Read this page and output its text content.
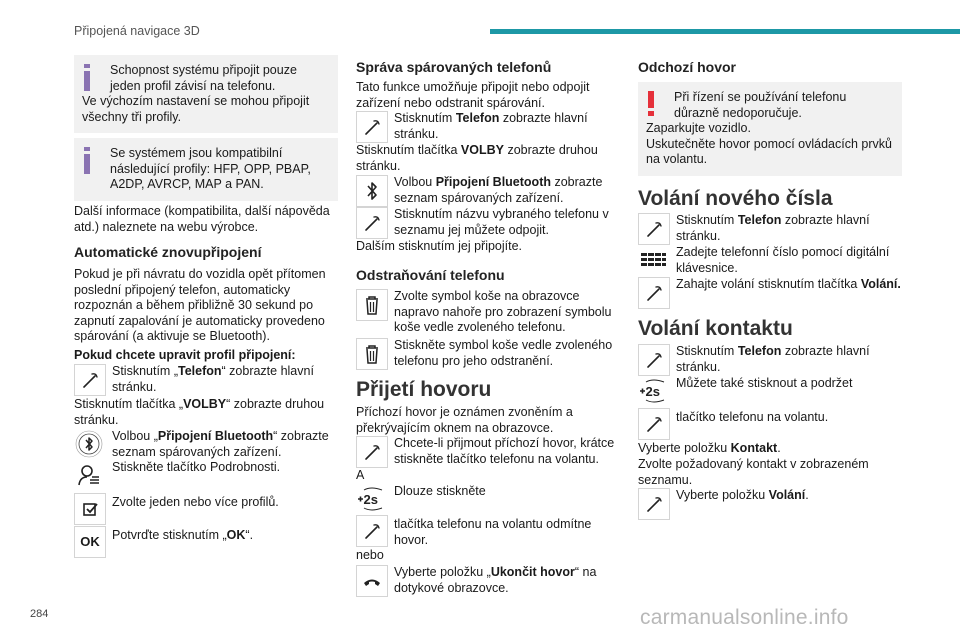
Připojená navigace 3D
284	carmanualsonline.info
Schopnost systému připojit pouze jeden profil závisí na telefonu.
Ve výchozím nastavení se mohou připojit všechny tři profily.
Se systémem jsou kompatibilní následující profily: HFP, OPP, PBAP, A2DP, AVRCP, MAP a PAN.
Další informace (kompatibilita, další nápověda atd.) naleznete na webu výrobce.
Automatické znovupřipojení
Pokud je při návratu do vozidla opět přítomen poslední připojený telefon, automaticky rozpoznán a během přibližně 30 sekund po zapnutí zapalování je automaticky provedeno spárování (a aktivuje se Bluetooth).
Pokud chcete upravit profil připojení:
Stisknutím „Telefon“ zobrazte hlavní stránku.
Stisknutím tlačítka „VOLBY“ zobrazte druhou stránku.
Volbou „Připojení Bluetooth“ zobrazte seznam spárovaných zařízení.
Stiskněte tlačítko Podrobnosti.
Zvolte jeden nebo více profilů.
OK Potvrďte stisknutím „OK“.
Správa spárovaných telefonů
Tato funkce umožňuje připojit nebo odpojit zařízení nebo odstranit spárování.
Stisknutím Telefon zobrazte hlavní stránku.
Stisknutím tlačítka VOLBY zobrazte druhou stránku.
Volbou Připojení Bluetooth zobrazte seznam spárovaných zařízení.
Stisknutím názvu vybraného telefonu v seznamu jej můžete odpojit.
Dalším stisknutím jej připojíte.
Odstraňování telefonu
Zvolte symbol koše na obrazovce napravo nahoře pro zobrazení symbolu koše vedle zvoleného telefonu.
Stiskněte symbol koše vedle zvoleného telefonu pro jeho odstranění.
Přijetí hovoru
Příchozí hovor je oznámen zvoněním a překrývajícím oknem na obrazovce.
Chcete-li přijmout příchozí hovor, krátce stiskněte tlačítko telefonu na volantu.
A
2s
Dlouze stiskněte
tlačítka telefonu na volantu odmítne hovor.
nebo
Vyberte položku „Ukončit hovor“ na dotykové obrazovce.
Odchozí hovor
Při řízení se používání telefonu důrazně nedoporučuje.
Zaparkujte vozidlo.
Uskutečněte hovor pomocí ovládacích prvků na volantu.
Volání nového čísla
Stisknutím Telefon zobrazte hlavní stránku.
Zadejte telefonní číslo pomocí digitální klávesnice.
Zahajte volání stisknutím tlačítka Volání.
Volání kontaktu
Stisknutím Telefon zobrazte hlavní stránku.
2s
Můžete také stisknout a podržet
tlačítko telefonu na volantu.
Vyberte položku Kontakt.
Zvolte požadovaný kontakt v zobrazeném seznamu.
Vyberte položku Volání.
